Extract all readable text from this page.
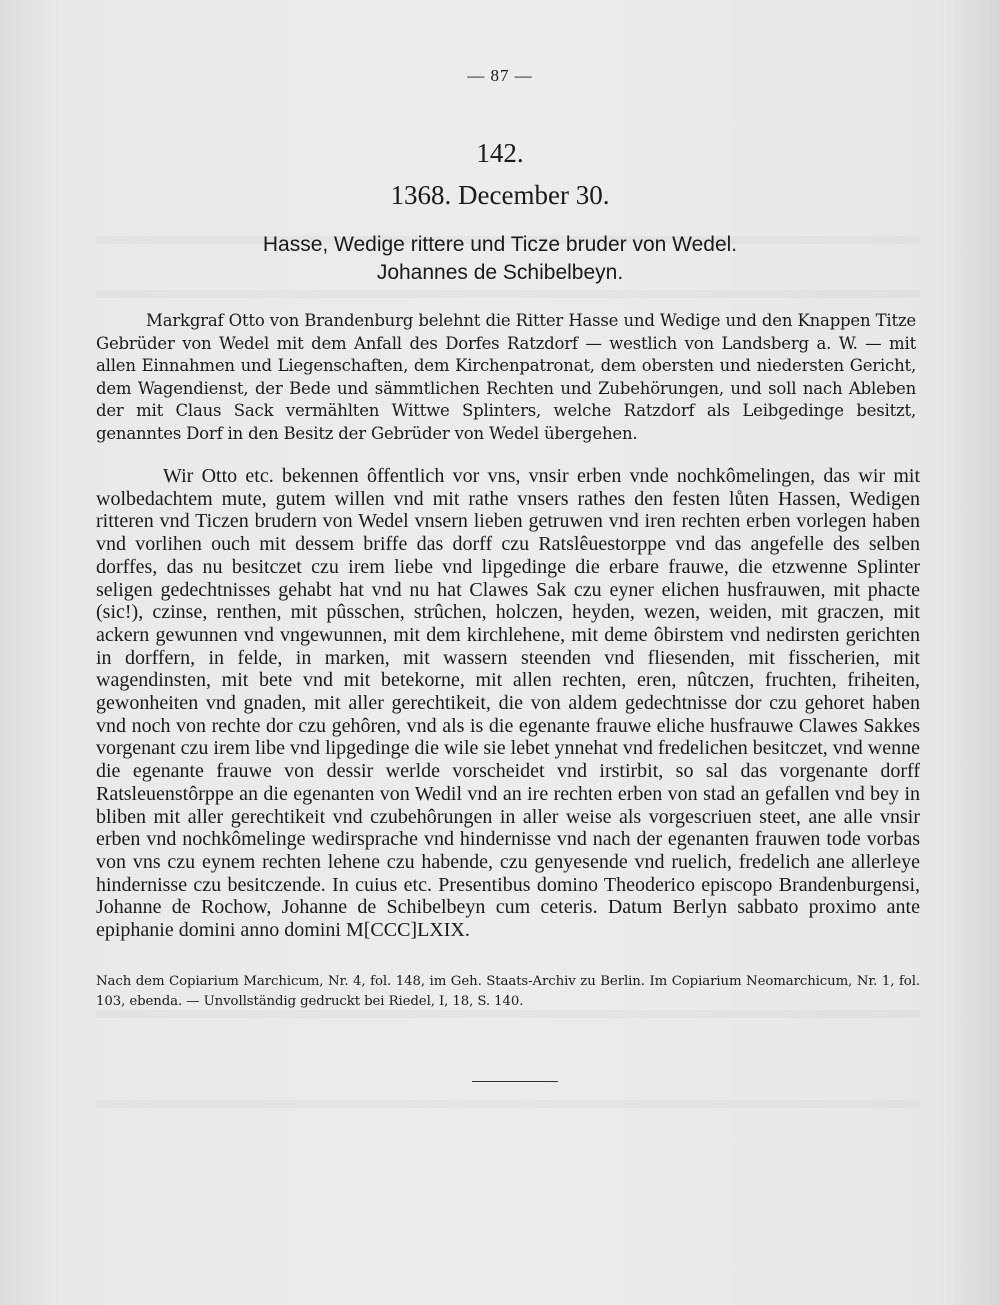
— 87 —
142.
1368. December 30.
Hasse, Wedige rittere und Ticze bruder von Wedel.
Johannes de Schibelbeyn.
Markgraf Otto von Brandenburg belehnt die Ritter Hasse und Wedige und den Knappen Titze Gebrüder von Wedel mit dem Anfall des Dorfes Ratzdorf — westlich von Landsberg a. W. — mit allen Einnahmen und Liegenschaften, dem Kirchenpatronat, dem obersten und niedersten Gericht, dem Wagendienst, der Bede und sämmtlichen Rechten und Zubehörungen, und soll nach Ableben der mit Claus Sack vermählten Wittwe Splinters, welche Ratzdorf als Leibgedinge besitzt, genanntes Dorf in den Besitz der Gebrüder von Wedel übergehen.
Wir Otto etc. bekennen ôffentlich vor vns, vnsir erben vnde nochkômelingen, das wir mit wolbedachtem mute, gutem willen vnd mit rathe vnsers rathes den festen lůten Hassen, Wedigen ritteren vnd Ticzen brudern von Wedel vnsern lieben getruwen vnd iren rechten erben vorlegen haben vnd vorlihen ouch mit dessem briffe das dorff czu Ratslêuestorppe vnd das angefelle des selben dorffes, das nu besitczet czu irem liebe vnd lipgedinge die erbare frauwe, die etzwenne Splinter seligen gedechtnisses gehabt hat vnd nu hat Clawes Sak czu eyner elichen husfrauwen, mit phacte (sic!), czinse, renthen, mit pûsschen, strûchen, holczen, heyden, wezen, weiden, mit graczen, mit ackern gewunnen vnd vngewunnen, mit dem kirchlehene, mit deme ôbirstem vnd nedirsten gerichten in dorffern, in felde, in marken, mit wassern steenden vnd fliesenden, mit fisscherien, mit wagendinsten, mit bete vnd mit betekorne, mit allen rechten, eren, nûtczen, fruchten, friheiten, gewonheiten vnd gnaden, mit aller gerechtikeit, die von aldem gedechtnisse dor czu gehoret haben vnd noch von rechte dor czu gehôren, vnd als is die egenante frauwe eliche husfrauwe Clawes Sakkes vorgenant czu irem libe vnd lipgedinge die wile sie lebet ynnehat vnd fredelichen besitczet, vnd wenne die egenante frauwe von dessir werlde vorscheidet vnd irstirbit, so sal das vorgenante dorff Ratsleuenstôrppe an die egenanten von Wedil vnd an ire rechten erben von stad an gefallen vnd bey in bliben mit aller gerechtikeit vnd czubehôrungen in aller weise als vorgescriuen steet, ane alle vnsir erben vnd nochkômelinge wedirsprache vnd hindernisse vnd nach der egenanten frauwen tode vorbas von vns czu eynem rechten lehene czu habende, czu genyesende vnd ruelich, fredelich ane allerleye hindernisse czu besitczende. In cuius etc. Presentibus domino Theoderico episcopo Brandenburgensi, Johanne de Rochow, Johanne de Schibelbeyn cum ceteris. Datum Berlyn sabbato proximo ante epiphanie domini anno domini M[CCC]LXIX.
Nach dem Copiarium Marchicum, Nr. 4, fol. 148, im Geh. Staats-Archiv zu Berlin. Im Copiarium Neomarchicum, Nr. 1, fol. 103, ebenda. — Unvollständig gedruckt bei Riedel, I, 18, S. 140.
